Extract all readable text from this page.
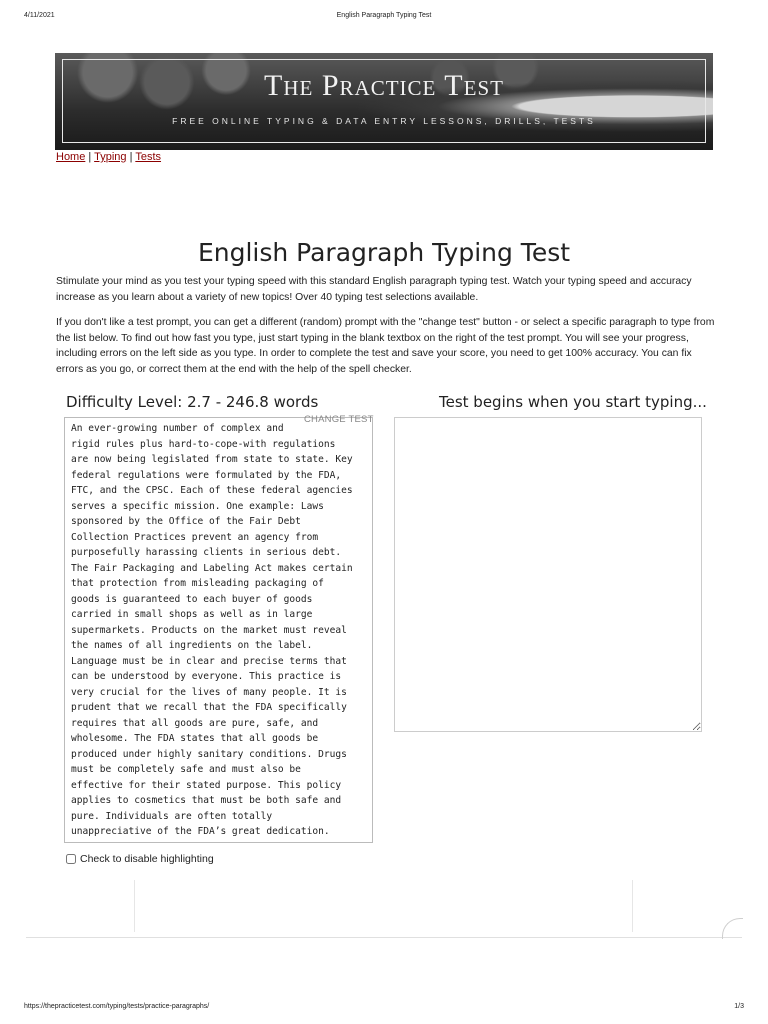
4/11/2021	English Paragraph Typing Test
The Practice Test
FREE ONLINE TYPING & DATA ENTRY LESSONS, DRILLS, TESTS
Home | Typing | Tests
English Paragraph Typing Test

Stimulate your mind as you test your typing speed with this standard English paragraph typing test. Watch your typing speed and accuracy increase as you learn about a variety of new topics! Over 40 typing test selections available.

If you don't like a test prompt, you can get a different (random) prompt with the "change test" button - or select a specific paragraph to type from the list below. To find out how fast you type, just start typing in the blank textbox on the right of the test prompt. You will see your progress, including errors on the left side as you type. In order to complete the test and save your score, you need to get 100% accuracy. You can fix errors as you go, or correct them at the end with the help of the spell checker.

Difficulty Level: 2.7 - 246.8 words	Test begins when you start typing...
An ever-growing number of complex and
rigid rules plus hard-to-cope-with regulations
are now being legislated from state to state. Key
federal regulations were formulated by the FDA,
FTC, and the CPSC. Each of these federal agencies
serves a specific mission. One example: Laws
sponsored by the Office of the Fair Debt
Collection Practices prevent an agency from
purposefully harassing clients in serious debt.
The Fair Packaging and Labeling Act makes certain
that protection from misleading packaging of
goods is guaranteed to each buyer of goods
carried in small shops as well as in large
supermarkets. Products on the market must reveal
the names of all ingredients on the label.
Language must be in clear and precise terms that
can be understood by everyone. This practice is
very crucial for the lives of many people. It is
prudent that we recall that the FDA specifically
requires that all goods are pure, safe, and
wholesome. The FDA states that all goods be
produced under highly sanitary conditions. Drugs
must be completely safe and must also be
effective for their stated purpose. This policy
applies to cosmetics that must be both safe and
pure. Individuals are often totally
unappreciative of the FDA’s great dedication.
CHANGE TEST
Check to disable highlighting
https://thepracticetest.com/typing/tests/practice-paragraphs/	1/3
